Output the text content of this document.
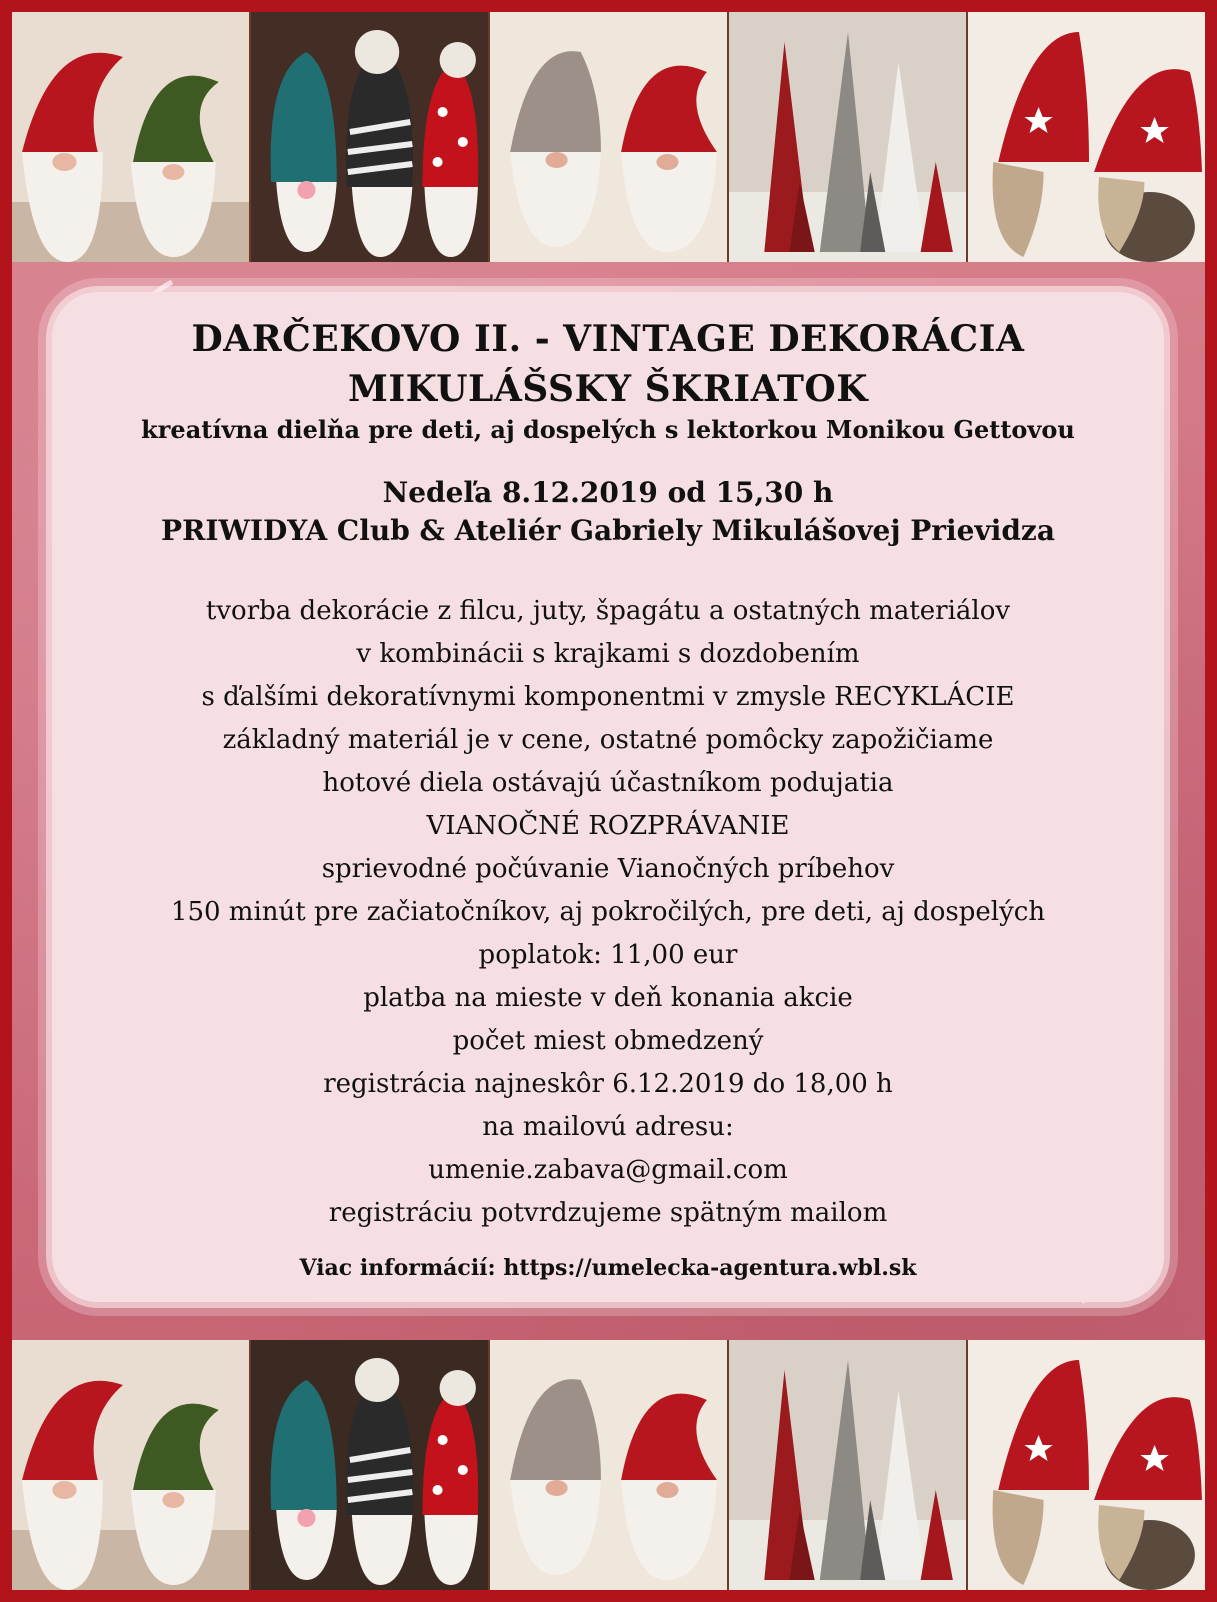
DARČEKOVO II. - VINTAGE DEKORÁCIA

MIKULÁŠSKY ŠKRIATOK

kreatívna dielňa pre deti, aj dospelých s lektorkou Monikou Gettovou

Nedeľa 8.12.2019 od 15,30 h

PRIWIDYA Club & Ateliér Gabriely Mikulášovej Prievidza

tvorba dekorácie z filcu, juty, špagátu a ostatných materiálov

v kombinácii s krajkami s dozdobením

s ďalšími dekoratívnymi komponentmi v zmysle RECYKLÁCIE

základný materiál je v cene, ostatné pomôcky zapožičiame

hotové diela ostávajú účastníkom podujatia

VIANOČNÉ ROZPRÁVANIE

sprievodné počúvanie Vianočných príbehov

150 minút pre začiatočníkov, aj pokročilých, pre deti, aj dospelých

poplatok: 11,00 eur

platba na mieste v deň konania akcie

počet miest obmedzený

registrácia najneskôr 6.12.2019 do 18,00 h

na mailovú adresu:

umenie.zabava@gmail.com

registráciu potvrdzujeme spätným mailom

Viac informácií: https://umelecka-agentura.wbl.sk
